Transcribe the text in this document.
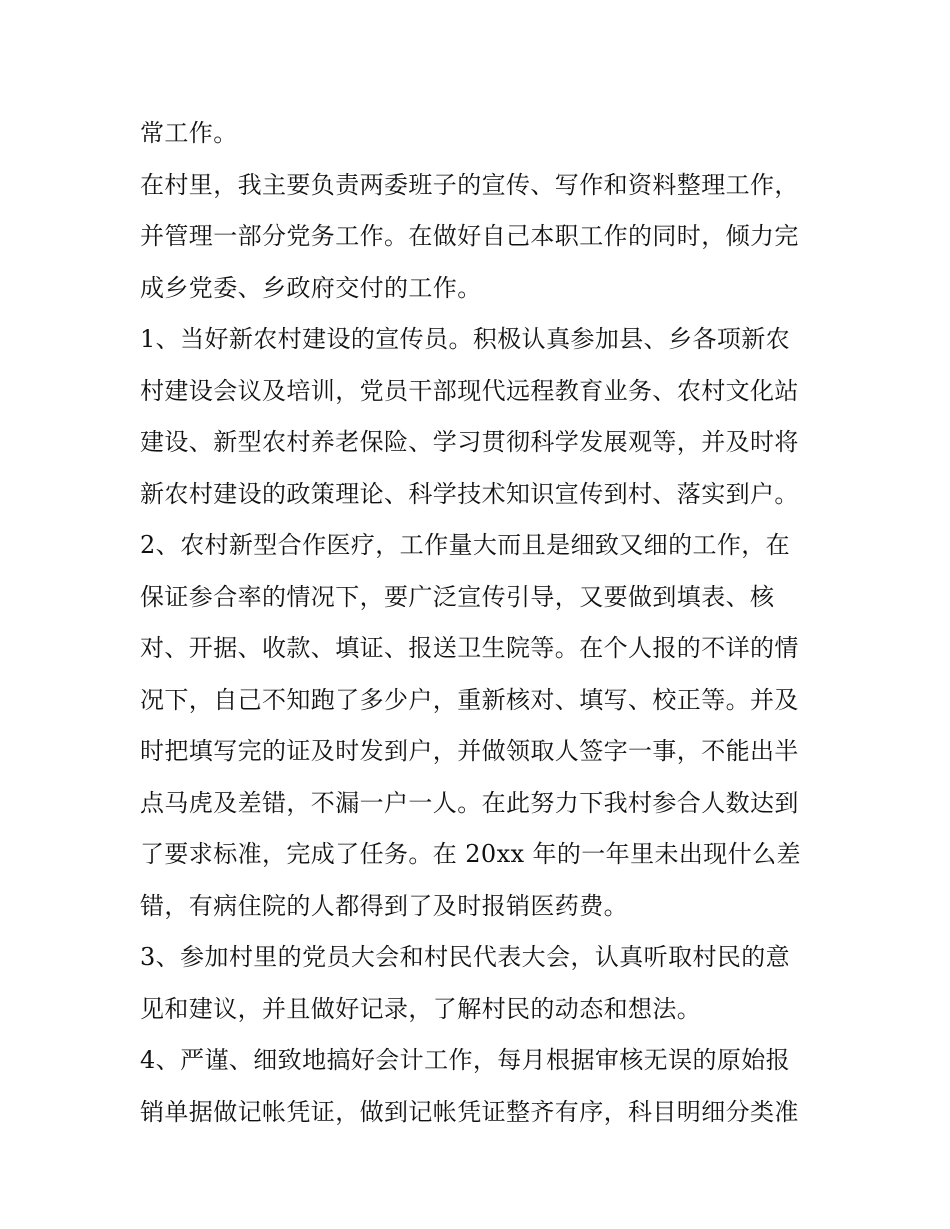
常工作。
在村里，我主要负责两委班子的宣传、写作和资料整理工作，
并管理一部分党务工作。在做好自己本职工作的同时，倾力完
成乡党委、乡政府交付的工作。
1、当好新农村建设的宣传员。积极认真参加县、乡各项新农
村建设会议及培训，党员干部现代远程教育业务、农村文化站
建设、新型农村养老保险、学习贯彻科学发展观等，并及时将
新农村建设的政策理论、科学技术知识宣传到村、落实到户。
2、农村新型合作医疗，工作量大而且是细致又细的工作，在
保证参合率的情况下，要广泛宣传引导，又要做到填表、核
对、开据、收款、填证、报送卫生院等。在个人报的不详的情
况下，自己不知跑了多少户，重新核对、填写、校正等。并及
时把填写完的证及时发到户，并做领取人签字一事，不能出半
点马虎及差错，不漏一户一人。在此努力下我村参合人数达到
了要求标准，完成了任务。在 20xx 年的一年里未出现什么差
错，有病住院的人都得到了及时报销医药费。
3、参加村里的党员大会和村民代表大会，认真听取村民的意
见和建议，并且做好记录，了解村民的动态和想法。
4、严谨、细致地搞好会计工作，每月根据审核无误的原始报
销单据做记帐凭证，做到记帐凭证整齐有序，科目明细分类准
